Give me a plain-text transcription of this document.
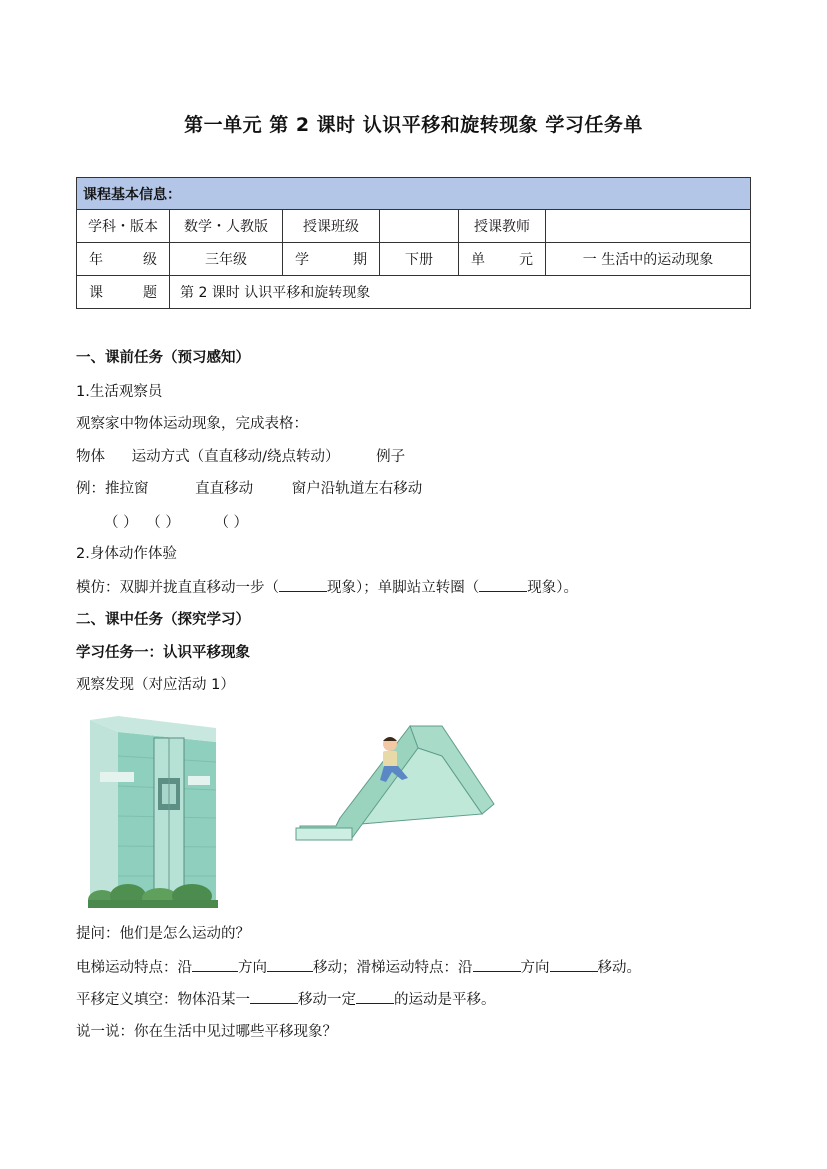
第一单元 第 2 课时 认识平移和旋转现象 学习任务单
课程基本信息：					
学科・版本	数学・人教版	授课班级		授课教师	
年级	三年级	学期	下册	单元	一 生活中的运动现象
课题	第 2 课时 认识平移和旋转现象				
一、课前任务（预习感知）
1.生活观察员
观察家中物体运动现象，完成表格：
物体 运动方式（直直移动/绕点转动）	例子
例：推拉窗	直直移动	窗户沿轨道左右移动
（ ） （ ） （ ）
2.身体动作体验
模仿：双脚并拢直直移动一步（	现象）；单脚站立转圈（	现象）。
二、课中任务（探究学习）
学习任务一：认识平移现象
观察发现（对应活动 1）
提问：他们是怎么运动的？
电梯运动特点：沿	方向	移动；滑梯运动特点：沿	方向	移动。
平移定义填空：物体沿某一	移动一定	的运动是平移。
说一说：你在生活中见过哪些平移现象？
